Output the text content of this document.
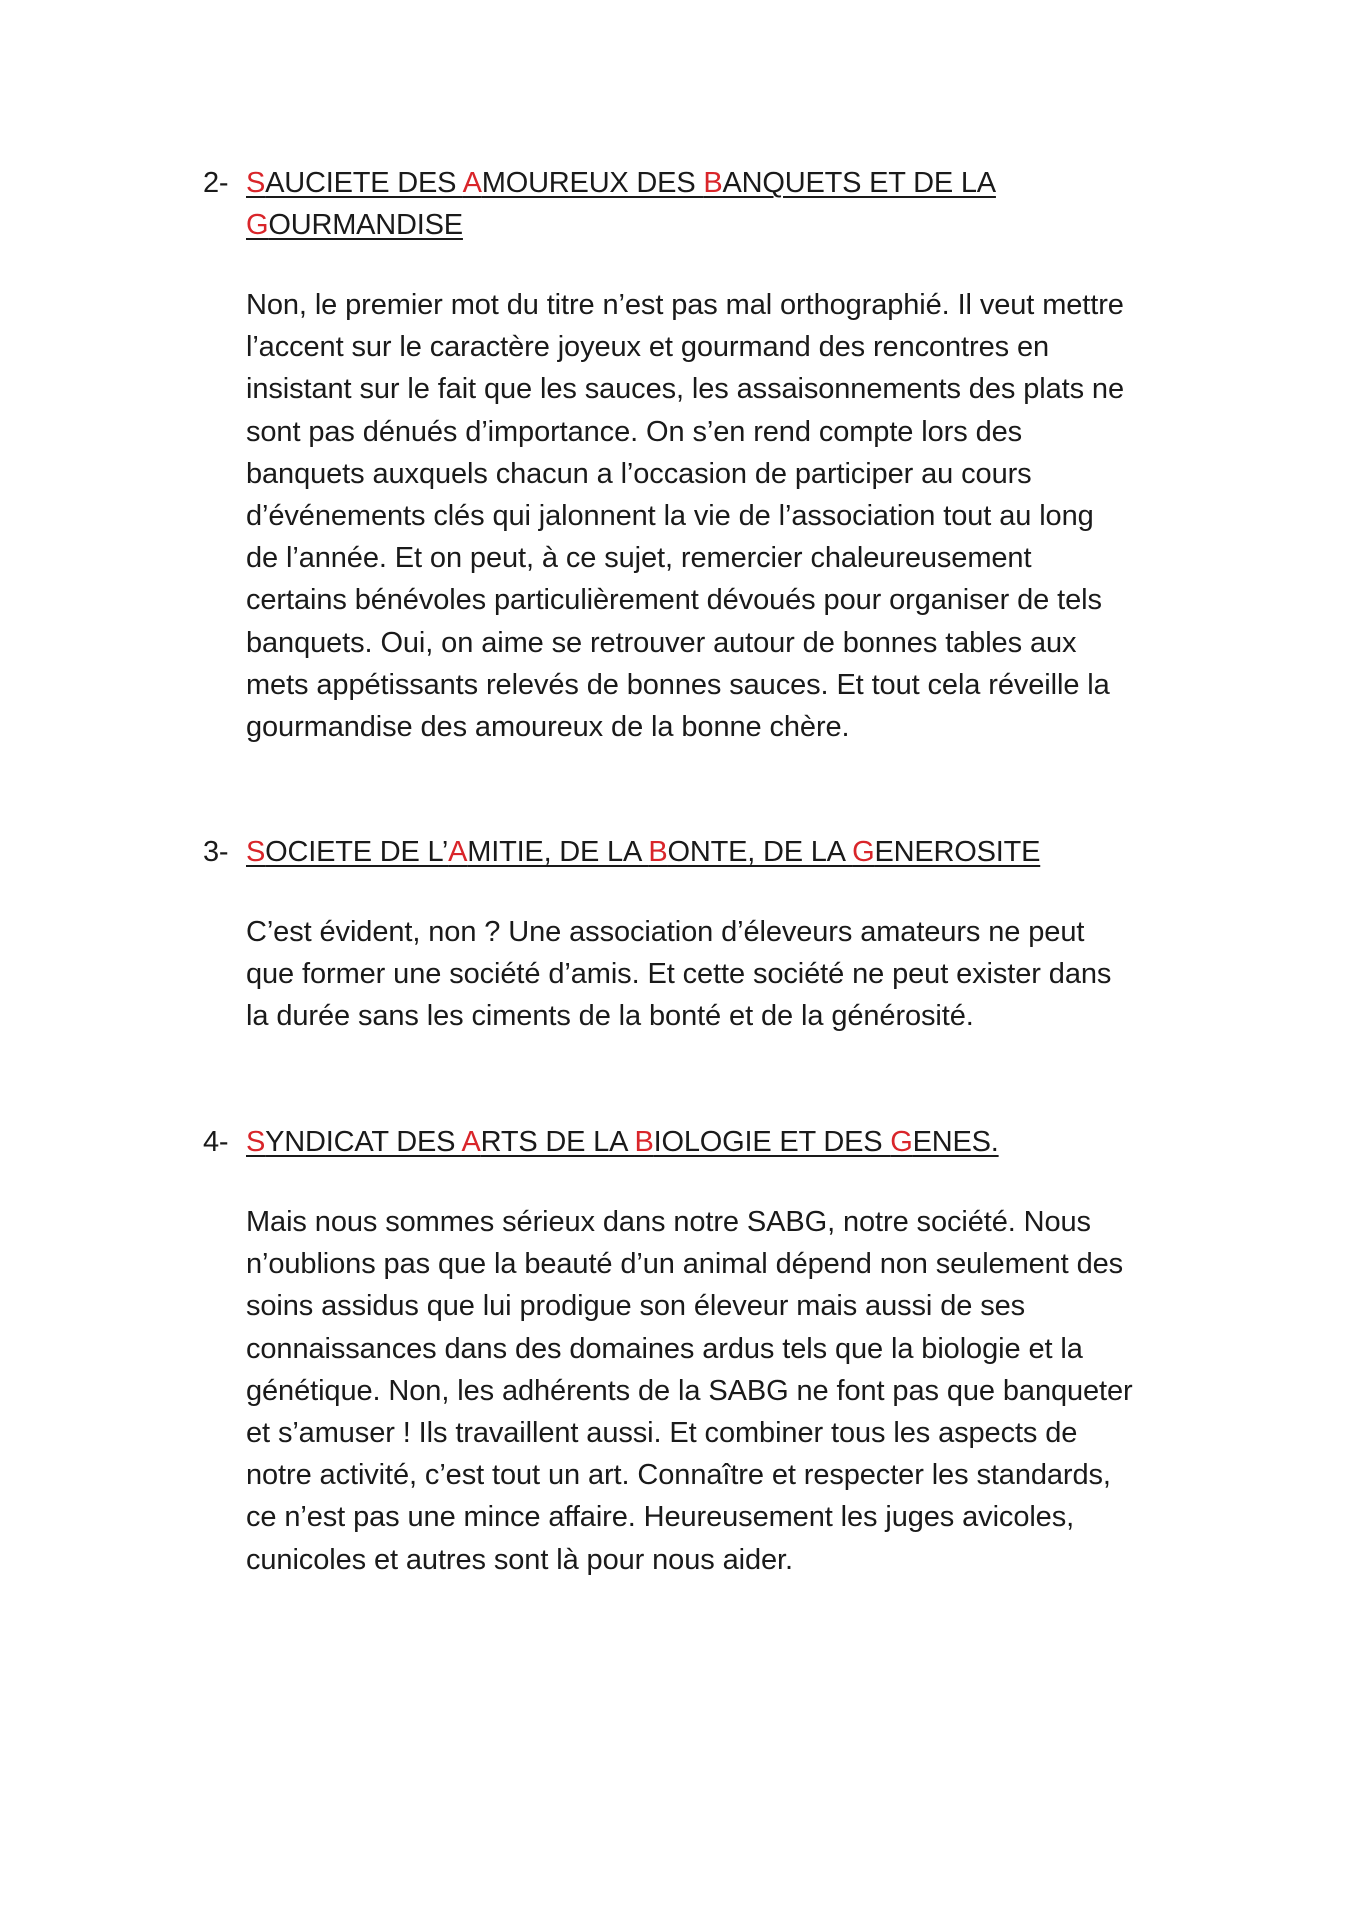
2- SAUCIETE DES AMOUREUX DES BANQUETS ET DE LA
GOURMANDISE
Non, le premier mot du titre n’est pas mal orthographié. Il veut mettre
l’accent sur le caractère joyeux et gourmand des rencontres en
insistant sur le fait que les sauces, les assaisonnements des plats ne
sont pas dénués d’importance. On s’en rend compte lors des
banquets auxquels chacun a l’occasion de participer au cours
d’événements clés qui jalonnent la vie de l’association tout au long
de l’année. Et on peut, à ce sujet, remercier chaleureusement
certains bénévoles particulièrement dévoués pour organiser de tels
banquets. Oui, on aime se retrouver autour de bonnes tables aux
mets appétissants relevés de bonnes sauces. Et tout cela réveille la
gourmandise des amoureux de la bonne chère.
3- SOCIETE DE L’AMITIE, DE LA BONTE, DE LA GENEROSITE
C’est évident, non ? Une association d’éleveurs amateurs ne peut
que former une société d’amis. Et cette société ne peut exister dans
la durée sans les ciments de la bonté et de la générosité.
4- SYNDICAT DES ARTS DE LA BIOLOGIE ET DES GENES.
Mais nous sommes sérieux dans notre SABG, notre société. Nous
n’oublions pas que la beauté d’un animal dépend non seulement des
soins assidus que lui prodigue son éleveur mais aussi de ses
connaissances dans des domaines ardus tels que la biologie et la
génétique. Non, les adhérents de la SABG ne font pas que banqueter
et s’amuser ! Ils travaillent aussi. Et combiner tous les aspects de
notre activité, c’est tout un art. Connaître et respecter les standards,
ce n’est pas une mince affaire. Heureusement les juges avicoles,
cunicoles et autres sont là pour nous aider.
